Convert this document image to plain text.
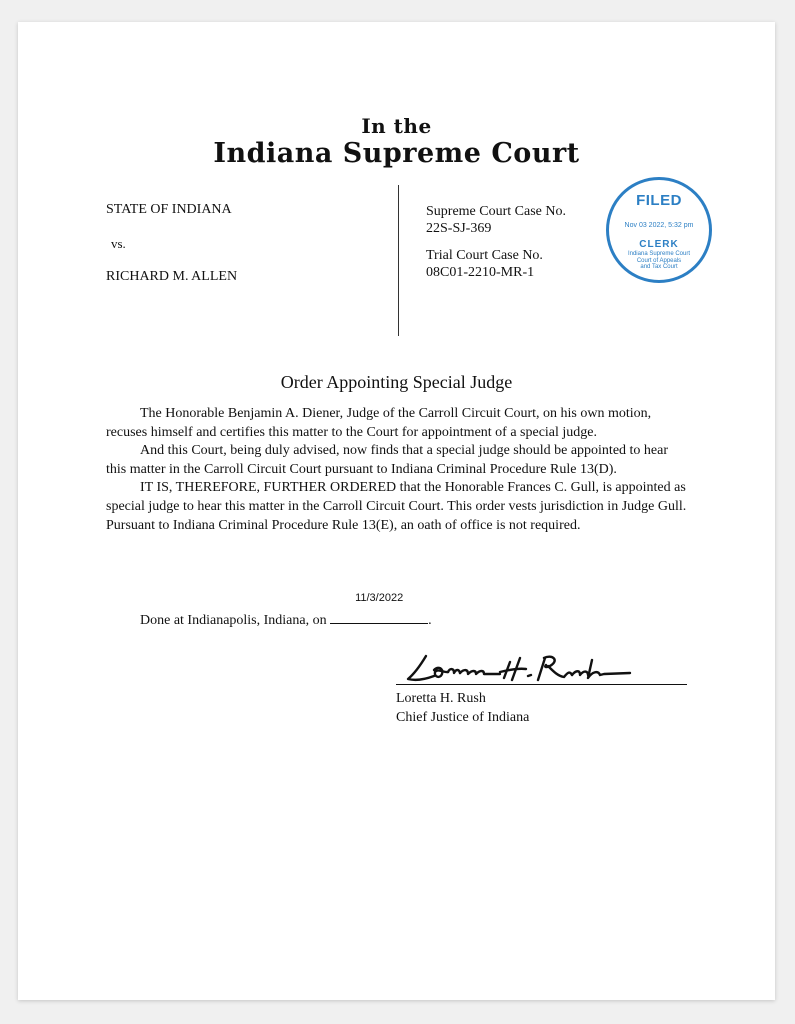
In the
Indiana Supreme Court
STATE OF INDIANA
vs.
RICHARD M. ALLEN
Supreme Court Case No.
22S-SJ-369
Trial Court Case No.
08C01-2210-MR-1
FILED
Nov 03 2022, 5:32 pm
CLERK
Indiana Supreme Court
Court of Appeals
and Tax Court
Order Appointing Special Judge

The Honorable Benjamin A. Diener, Judge of the Carroll Circuit Court, on his own motion, recuses himself and certifies this matter to the Court for appointment of a special judge.

And this Court, being duly advised, now finds that a special judge should be appointed to hear this matter in the Carroll Circuit Court pursuant to Indiana Criminal Procedure Rule 13(D).

IT IS, THEREFORE, FURTHER ORDERED that the Honorable Frances C. Gull, is appointed as special judge to hear this matter in the Carroll Circuit Court. This order vests jurisdiction in Judge Gull. Pursuant to Indiana Criminal Procedure Rule 13(E), an oath of office is not required.

Done at Indianapolis, Indiana, on
11/3/2022
.
Loretta H. Rush
Chief Justice of Indiana
